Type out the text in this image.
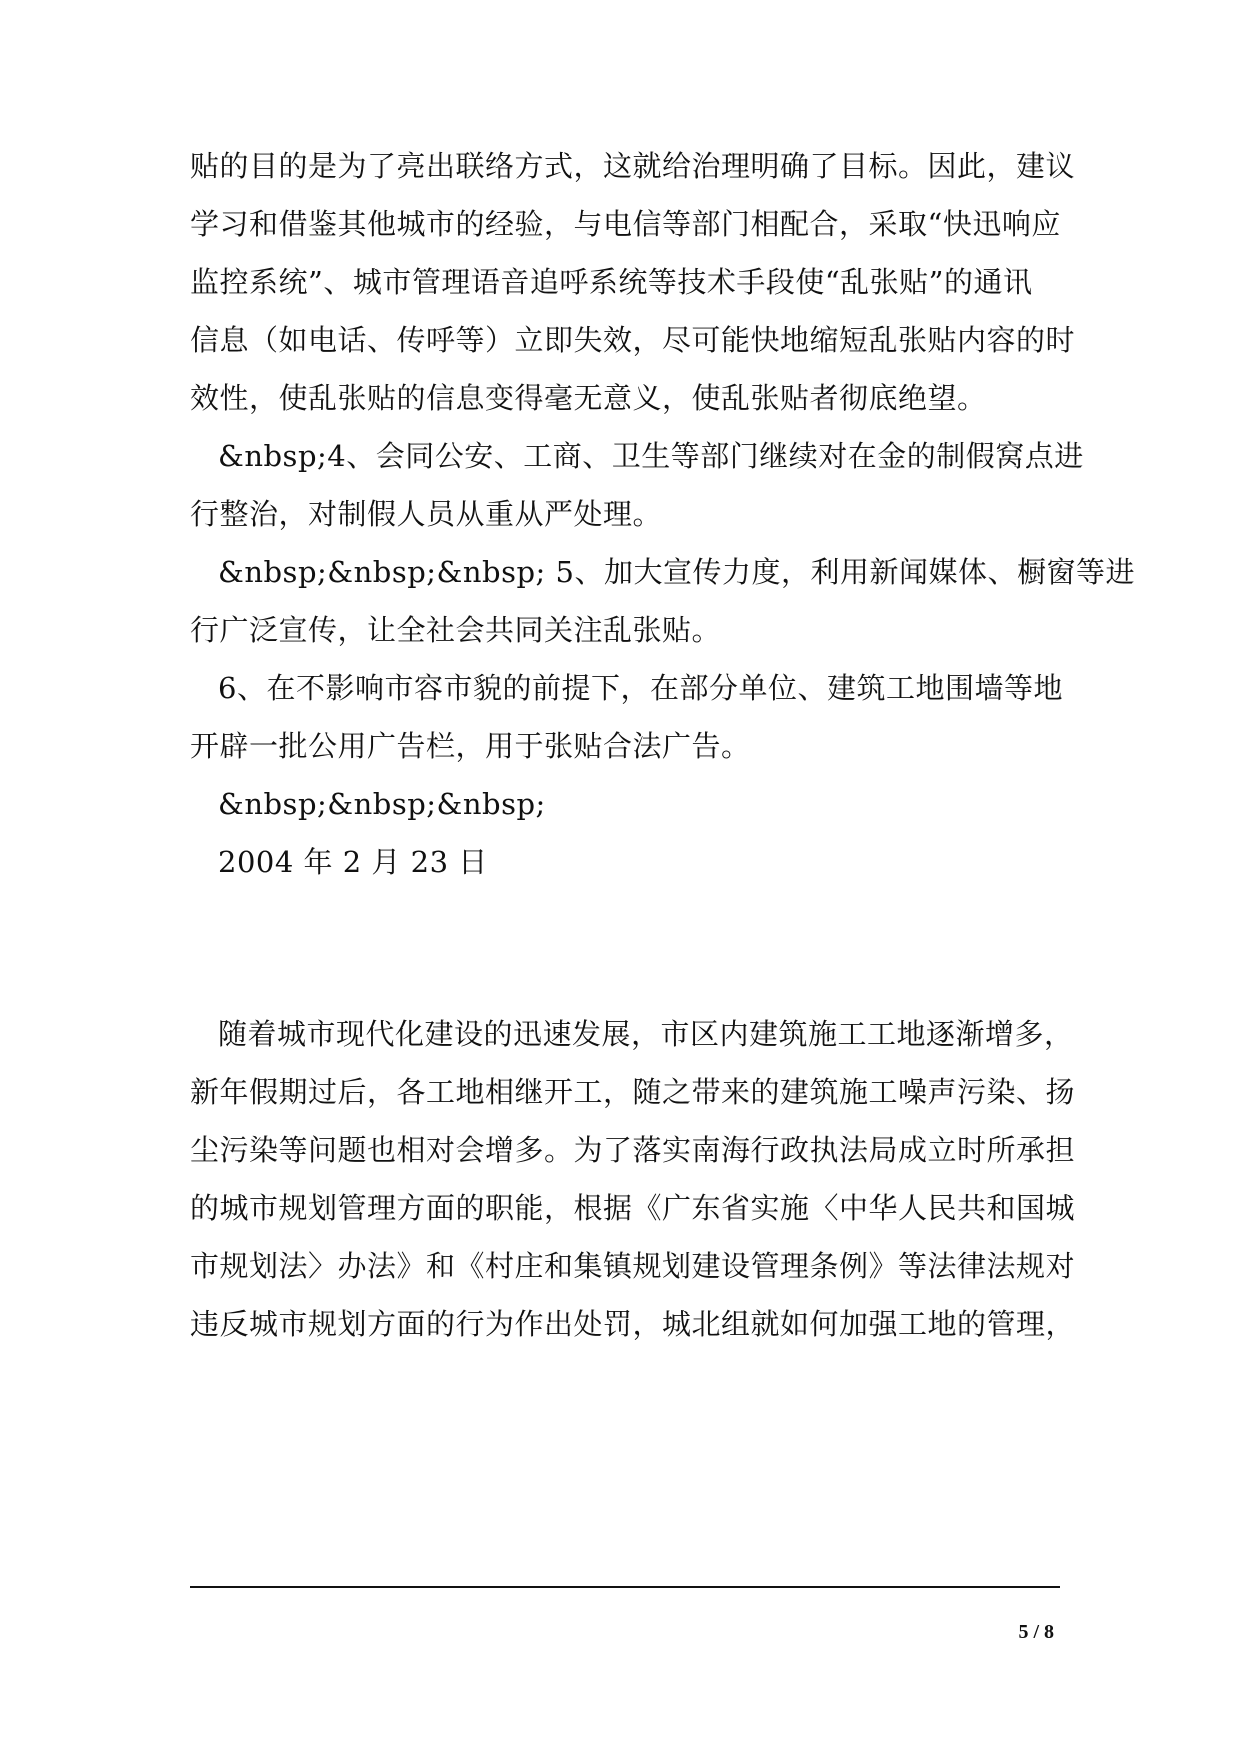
贴的目的是为了亮出联络方式，这就给治理明确了目标。因此，建议
学习和借鉴其他城市的经验，与电信等部门相配合，采取“快迅响应
监控系统”、城市管理语音追呼系统等技术手段使“乱张贴”的通讯
信息（如电话、传呼等）立即失效，尽可能快地缩短乱张贴内容的时
效性，使乱张贴的信息变得毫无意义，使乱张贴者彻底绝望。
&nbsp;4、会同公安、工商、卫生等部门继续对在金的制假窝点进
行整治，对制假人员从重从严处理。
&nbsp;&nbsp;&nbsp; 5、加大宣传力度，利用新闻媒体、橱窗等进
行广泛宣传，让全社会共同关注乱张贴。
6、在不影响市容市貌的前提下，在部分单位、建筑工地围墙等地
开辟一批公用广告栏，用于张贴合法广告。
&nbsp;&nbsp;&nbsp;
2004 年 2 月 23 日
随着城市现代化建设的迅速发展，市区内建筑施工工地逐渐增多，
新年假期过后，各工地相继开工，随之带来的建筑施工噪声污染、扬
尘污染等问题也相对会增多。为了落实南海行政执法局成立时所承担
的城市规划管理方面的职能，根据《广东省实施〈中华人民共和国城
市规划法〉办法》和《村庄和集镇规划建设管理条例》等法律法规对
违反城市规划方面的行为作出处罚，城北组就如何加强工地的管理，
5 / 8
